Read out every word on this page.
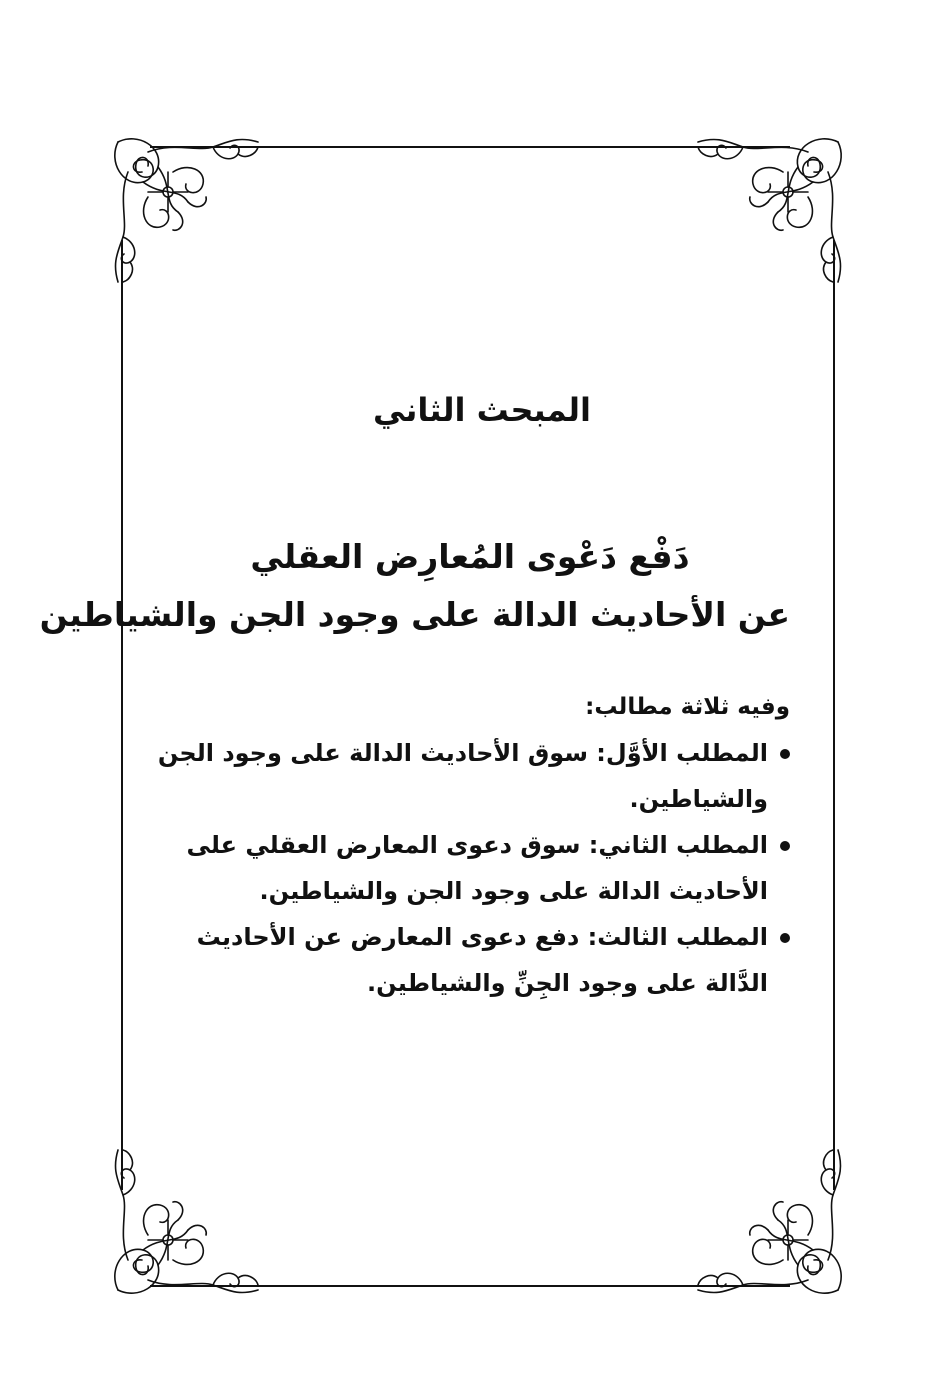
المبحث الثاني
دَفْع دَعْوى المُعارِض العقلي
عن الأحاديث الدالة على وجود الجن والشياطين
وفيه ثلاثة مطالب:
المطلب الأوَّل: سوق الأحاديث الدالة على وجود الجن والشياطين.
المطلب الثاني: سوق دعوى المعارض العقلي على الأحاديث الدالة على وجود الجن والشياطين.
المطلب الثالث: دفع دعوى المعارض عن الأحاديث الدَّالة على وجود الجِنِّ والشياطين.
